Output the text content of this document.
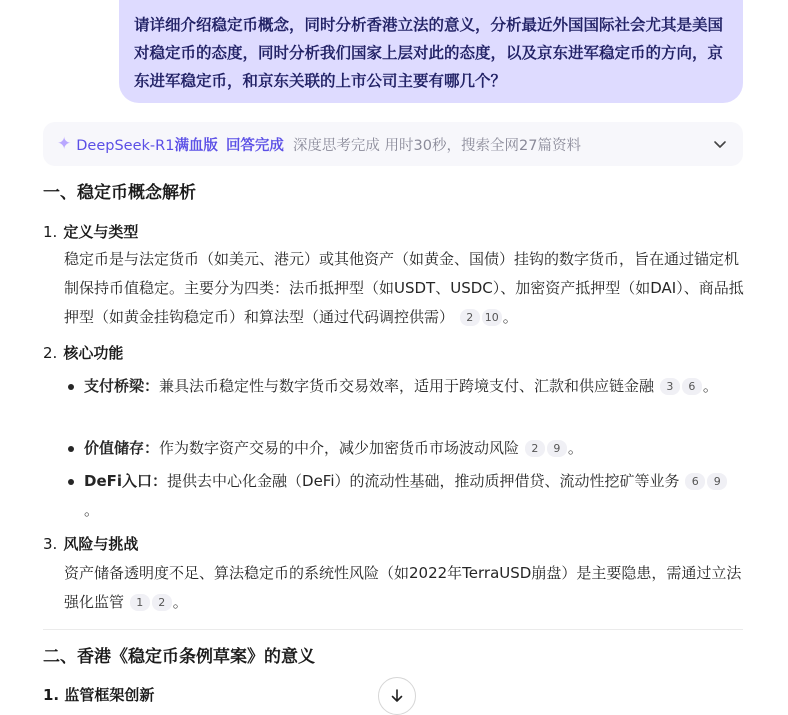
请详细介绍稳定币概念，同时分析香港立法的意义，分析最近外国国际社会尤其是美国对稳定币的态度，同时分析我们国家上层对此的态度，以及京东进军稳定币的方向，京东进军稳定币，和京东关联的上市公司主要有哪几个？
✦ DeepSeek-R1满血版 回答完成 深度思考完成 用时30秒，搜索全网27篇资料
一、稳定币概念解析
1. 定义与类型
稳定币是与法定货币（如美元、港元）或其他资产（如黄金、国债）挂钩的数字货币，旨在通过锚定机制保持币值稳定。主要分为四类：法币抵押型（如USDT、USDC）、加密资产抵押型（如DAI）、商品抵押型（如黄金挂钩稳定币）和算法型（通过代码调控供需） 2 10 。
2. 核心功能
支付桥梁：兼具法币稳定性与数字货币交易效率，适用于跨境支付、汇款和供应链金融 3 6 。
价值储存：作为数字资产交易的中介，减少加密货币市场波动风险 2 9 。
DeFi入口：提供去中心化金融（DeFi）的流动性基础，推动质押借贷、流动性挖矿等业务 6 9。
3. 风险与挑战
资产储备透明度不足、算法稳定币的系统性风险（如2022年TerraUSD崩盘）是主要隐患，需通过立法强化监管 1 2 。
二、香港《稳定币条例草案》的意义
1. 监管框架创新
